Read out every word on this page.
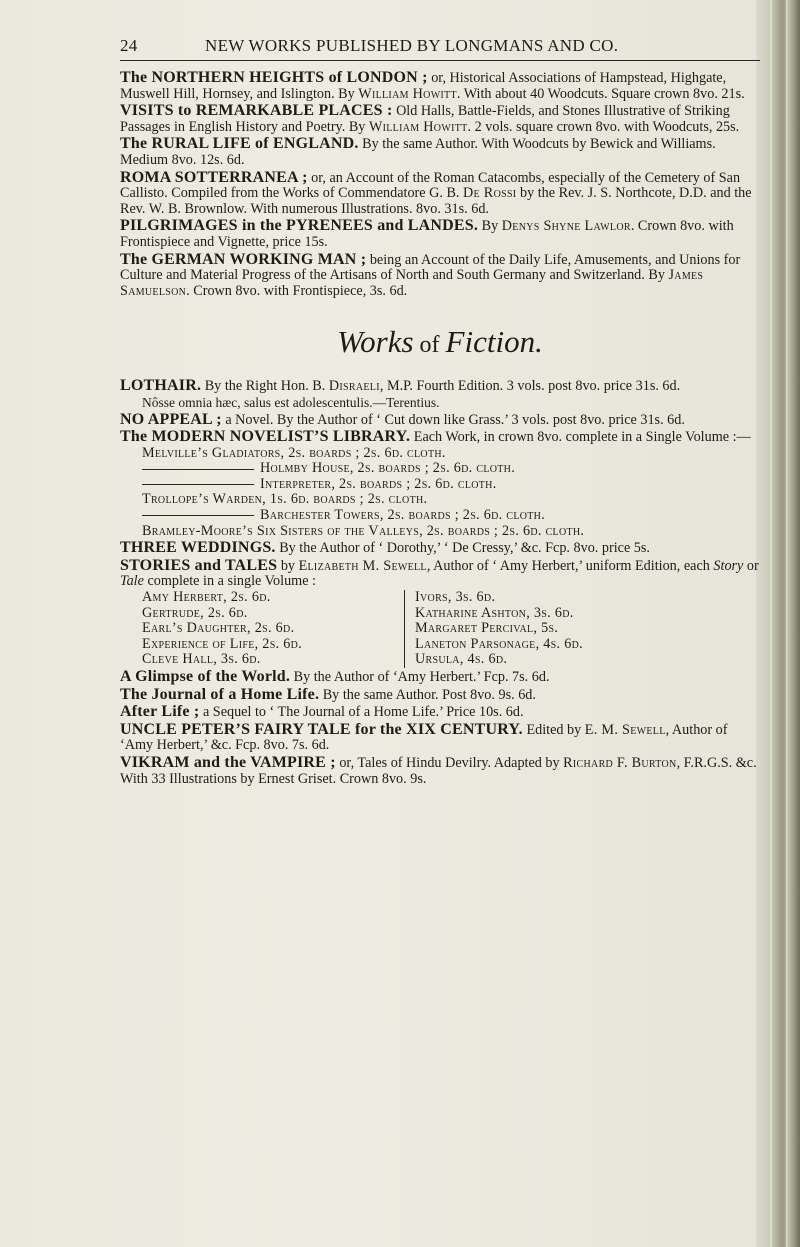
24	NEW WORKS PUBLISHED BY LONGMANS AND CO.
The NORTHERN HEIGHTS of LONDON ; or, Historical Associations of Hampstead, Highgate, Muswell Hill, Hornsey, and Islington. By William Howitt. With about 40 Woodcuts. Square crown 8vo. 21s.
VISITS to REMARKABLE PLACES : Old Halls, Battle-Fields, and Stones Illustrative of Striking Passages in English History and Poetry. By William Howitt. 2 vols. square crown 8vo. with Woodcuts, 25s.
The RURAL LIFE of ENGLAND. By the same Author. With Woodcuts by Bewick and Williams. Medium 8vo. 12s. 6d.
ROMA SOTTERRANEA ; or, an Account of the Roman Catacombs, especially of the Cemetery of San Callisto. Compiled from the Works of Commendatore G. B. De Rossi by the Rev. J. S. Northcote, D.D. and the Rev. W. B. Brownlow. With numerous Illustrations. 8vo. 31s. 6d.
PILGRIMAGES in the PYRENEES and LANDES. By Denys Shyne Lawlor. Crown 8vo. with Frontispiece and Vignette, price 15s.
The GERMAN WORKING MAN ; being an Account of the Daily Life, Amusements, and Unions for Culture and Material Progress of the Artisans of North and South Germany and Switzerland. By James Samuelson. Crown 8vo. with Frontispiece, 3s. 6d.
Works of Fiction.
LOTHAIR. By the Right Hon. B. Disraeli, M.P. Fourth Edition. 3 vols. post 8vo. price 31s. 6d.
Nôsse omnia hæc, salus est adolescentulis.—Terentius.
NO APPEAL ; a Novel. By the Author of ‘ Cut down like Grass.’ 3 vols. post 8vo. price 31s. 6d.
The MODERN NOVELIST’S LIBRARY. Each Work, in crown 8vo. complete in a Single Volume :—
Melville’s Gladiators, 2s. boards ; 2s. 6d. cloth.
Holmby House, 2s. boards ; 2s. 6d. cloth.
Interpreter, 2s. boards ; 2s. 6d. cloth.
Trollope’s Warden, 1s. 6d. boards ; 2s. cloth.
Barchester Towers, 2s. boards ; 2s. 6d. cloth.
Bramley-Moore’s Six Sisters of the Valleys, 2s. boards ; 2s. 6d. cloth.
THREE WEDDINGS. By the Author of ‘ Dorothy,’ ‘ De Cressy,’ &c. Fcp. 8vo. price 5s.
STORIES and TALES by Elizabeth M. Sewell, Author of ‘ Amy Herbert,’ uniform Edition, each Story or Tale complete in a single Volume :
Amy Herbert, 2s. 6d.
Gertrude, 2s. 6d.
Earl’s Daughter, 2s. 6d.
Experience of Life, 2s. 6d.
Cleve Hall, 3s. 6d.
Ivors, 3s. 6d.
Katharine Ashton, 3s. 6d.
Margaret Percival, 5s.
Laneton Parsonage, 4s. 6d.
Ursula, 4s. 6d.
A Glimpse of the World. By the Author of ‘Amy Herbert.’ Fcp. 7s. 6d.
The Journal of a Home Life. By the same Author. Post 8vo. 9s. 6d.
After Life ; a Sequel to ‘ The Journal of a Home Life.’ Price 10s. 6d.
UNCLE PETER’S FAIRY TALE for the XIX CENTURY. Edited by E. M. Sewell, Author of ‘Amy Herbert,’ &c. Fcp. 8vo. 7s. 6d.
VIKRAM and the VAMPIRE ; or, Tales of Hindu Devilry. Adapted by Richard F. Burton, F.R.G.S. &c. With 33 Illustrations by Ernest Griset. Crown 8vo. 9s.
